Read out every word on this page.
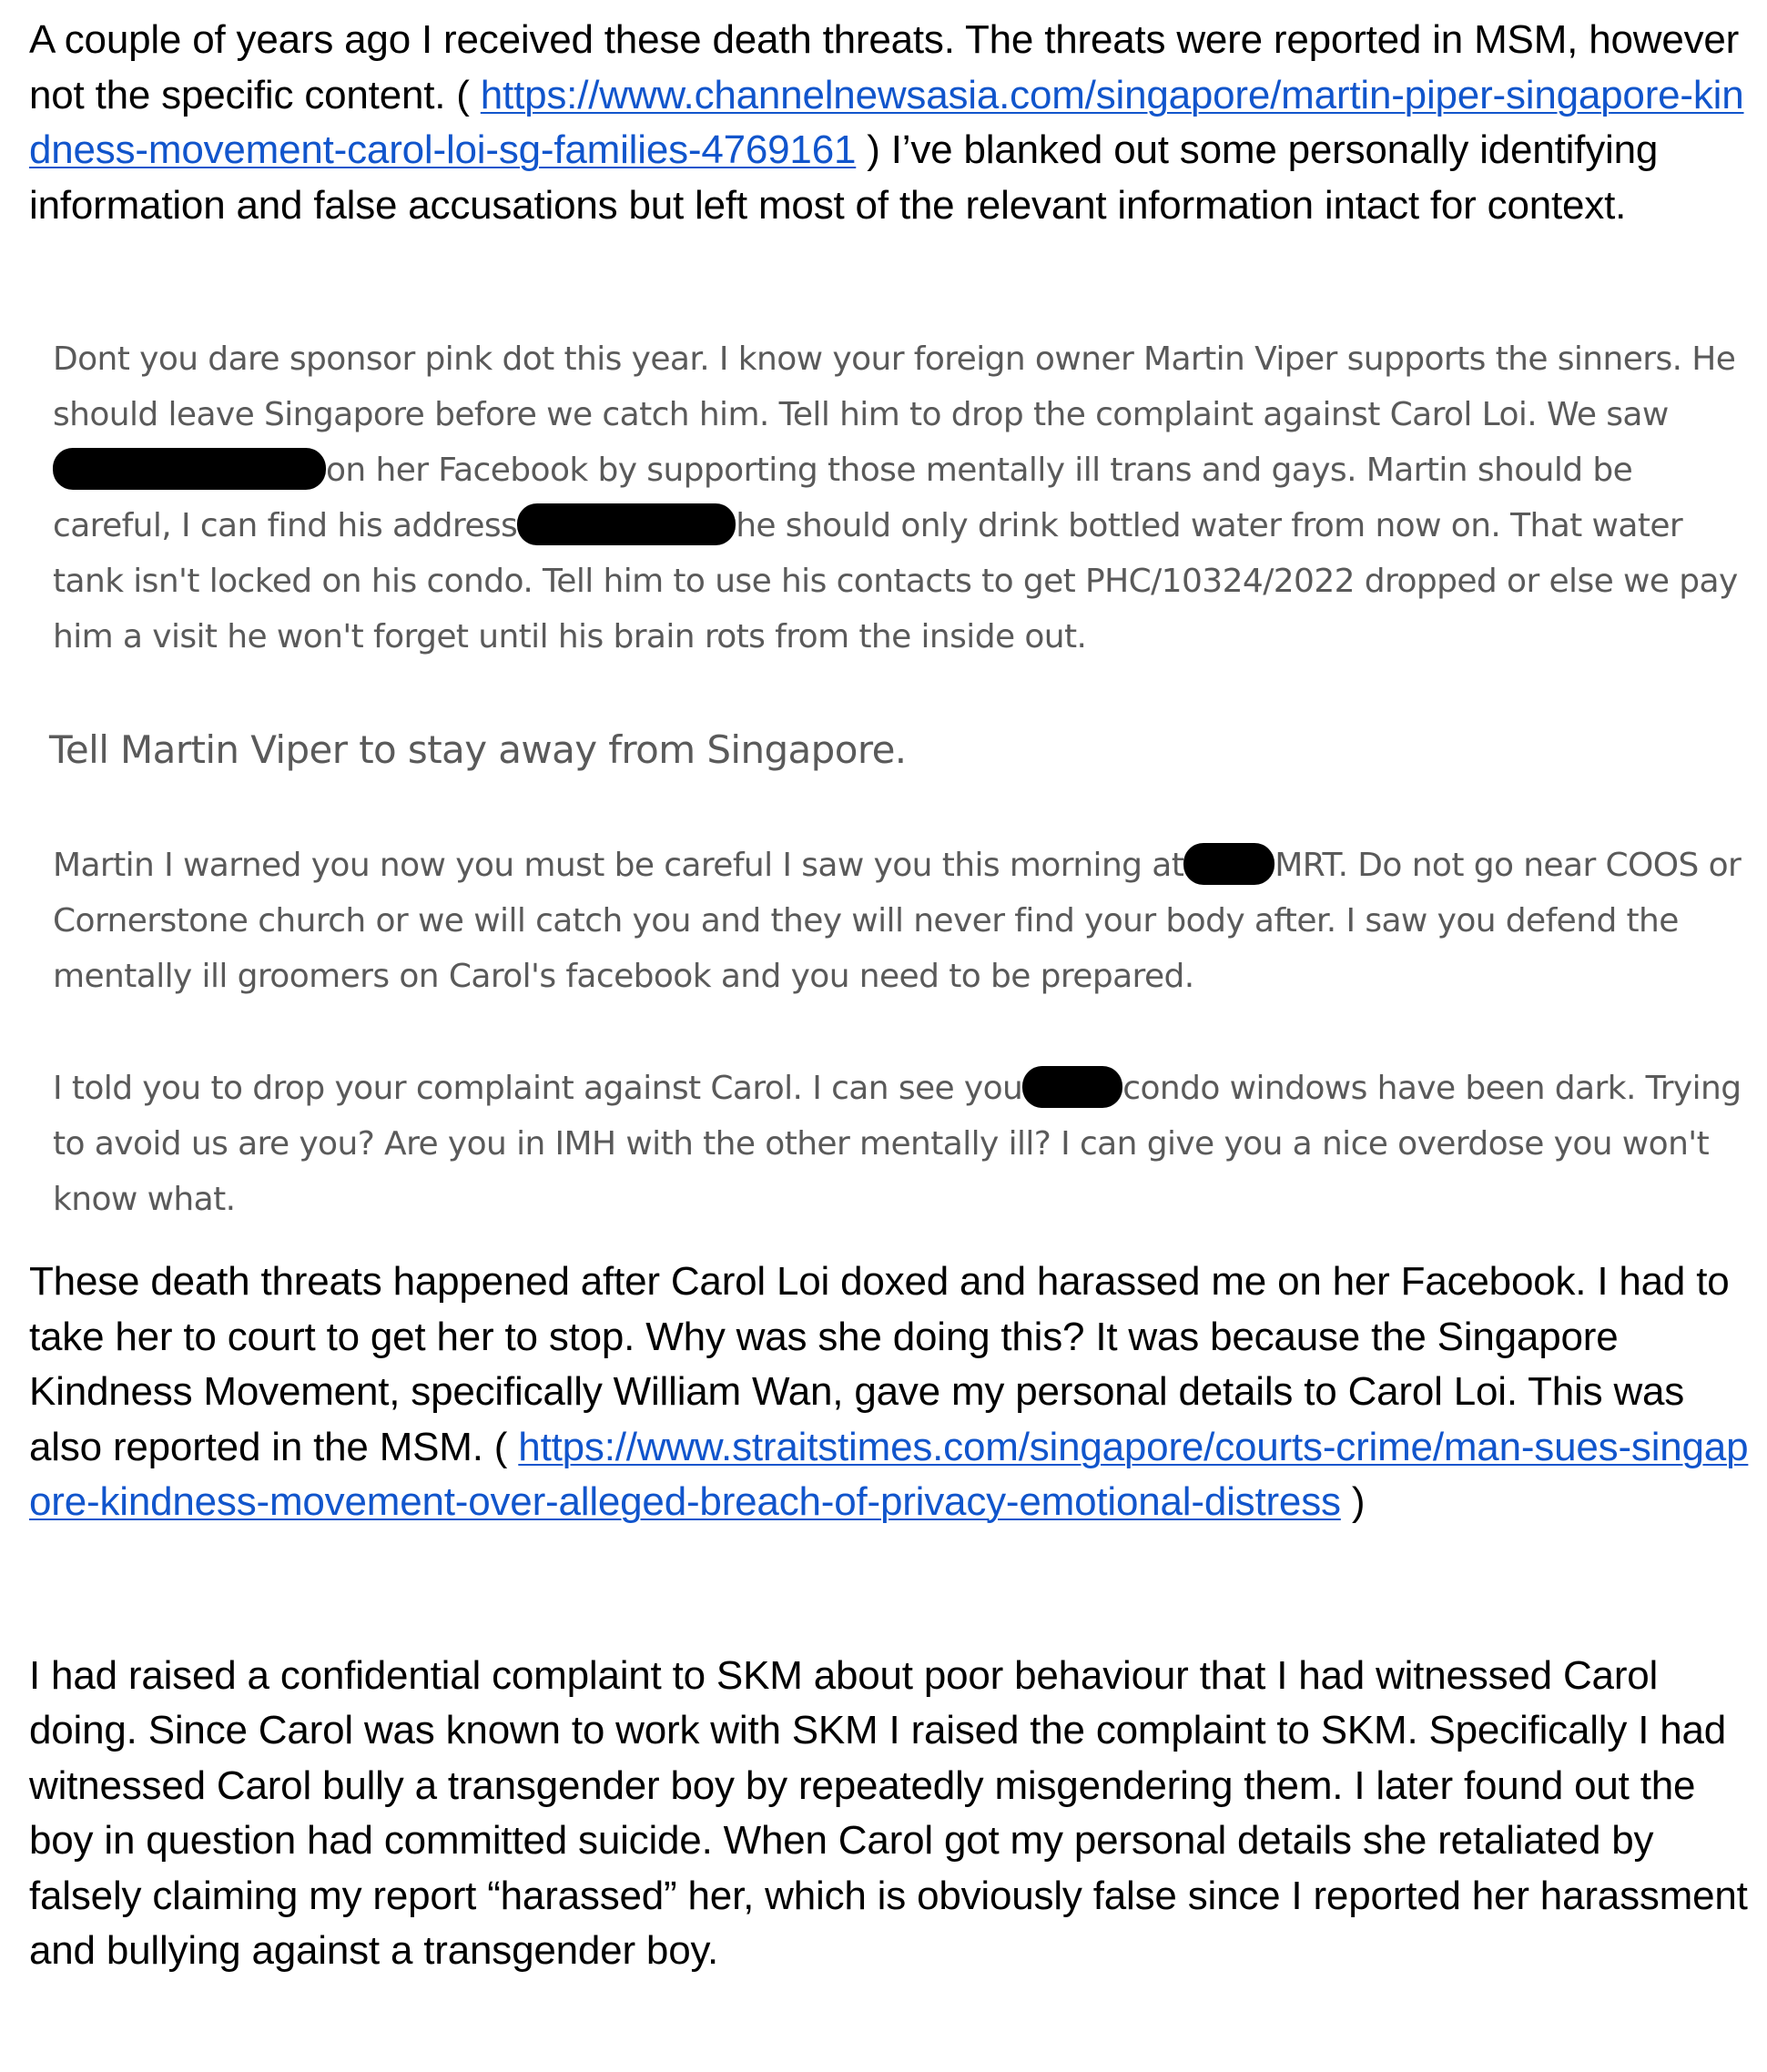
A couple of years ago I received these death threats. The threats were reported in MSM, however not the specific content. ( https://www.channelnewsasia.com/singapore/martin-piper-singapore-kindness-movement-carol-loi-sg-families-4769161 ) I’ve blanked out some personally identifying information and false accusations but left most of the relevant information intact for context.

Dont you dare sponsor pink dot this year. I know your foreign owner Martin Viper supports the sinners. He should leave Singapore before we catch him. Tell him to drop the complaint against Carol Loi. We sawon her Facebook by supporting those mentally ill trans and gays. Martin should be careful, I can find his address	he should only drink bottled water from now on. That water tank isn't locked on his condo. Tell him to use his contacts to get PHC/10324/2022 dropped or else we pay him a visit he won't forget until his brain rots from the inside out.

Tell Martin Viper to stay away from Singapore.

Martin I warned you now you must be careful I saw you this morning at	MRT. Do not go near COOS or Cornerstone church or we will catch you and they will never find your body after. I saw you defend the mentally ill groomers on Carol's facebook and you need to be prepared.

I told you to drop your complaint against Carol. I can see you	condo windows have been dark. Trying to avoid us are you? Are you in IMH with the other mentally ill? I can give you a nice overdose you won't know what.

These death threats happened after Carol Loi doxed and harassed me on her Facebook. I had to take her to court to get her to stop. Why was she doing this? It was because the Singapore Kindness Movement, specifically William Wan, gave my personal details to Carol Loi. This was also reported in the MSM. ( https://www.straitstimes.com/singapore/courts-crime/man-sues-singapore-kindness-movement-over-alleged-breach-of-privacy-emotional-distress )

I had raised a confidential complaint to SKM about poor behaviour that I had witnessed Carol doing. Since Carol was known to work with SKM I raised the complaint to SKM. Specifically I had witnessed Carol bully a transgender boy by repeatedly misgendering them. I later found out the boy in question had committed suicide. When Carol got my personal details she retaliated by falsely claiming my report “harassed” her, which is obviously false since I reported her harassment and bullying against a transgender boy.
